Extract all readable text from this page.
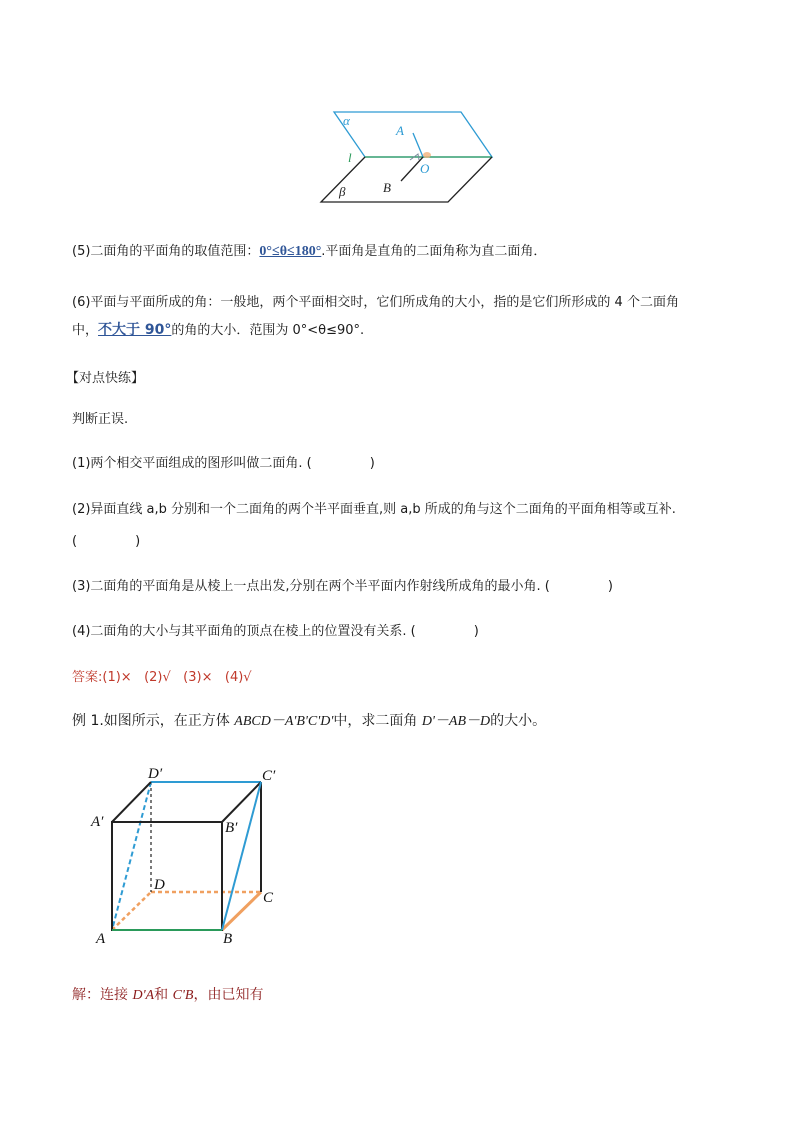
α
A
l
O
β	B
(5)二面角的平面角的取值范围：0°≤θ≤180°.平面角是直角的二面角称为直二面角．
(6)平面与平面所成的角：一般地，两个平面相交时，它们所成角的大小，指的是它们所形成的 4 个二面角
中，不大于 90°的角的大小．范围为 0°<θ≤90°.
【对点快练】
判断正误.
(1)两个相交平面组成的图形叫做二面角. (	)
(2)异面直线 a,b 分别和一个二面角的两个半平面垂直,则 a,b 所成的角与这个二面角的平面角相等或互补.
(	)
(3)二面角的平面角是从棱上一点出发,分别在两个半平面内作射线所成角的最小角. (	)
(4)二面角的大小与其平面角的顶点在棱上的位置没有关系. (	)
答案:(1)×   (2)√   (3)×   (4)√
例 1.如图所示，在正方体 ABCD－A'B'C'D'中，求二面角 D'－AB－D的大小。
D′	C′
A′	B′
D
C
A	B
解：连接 D'A和 C'B，由已知有
